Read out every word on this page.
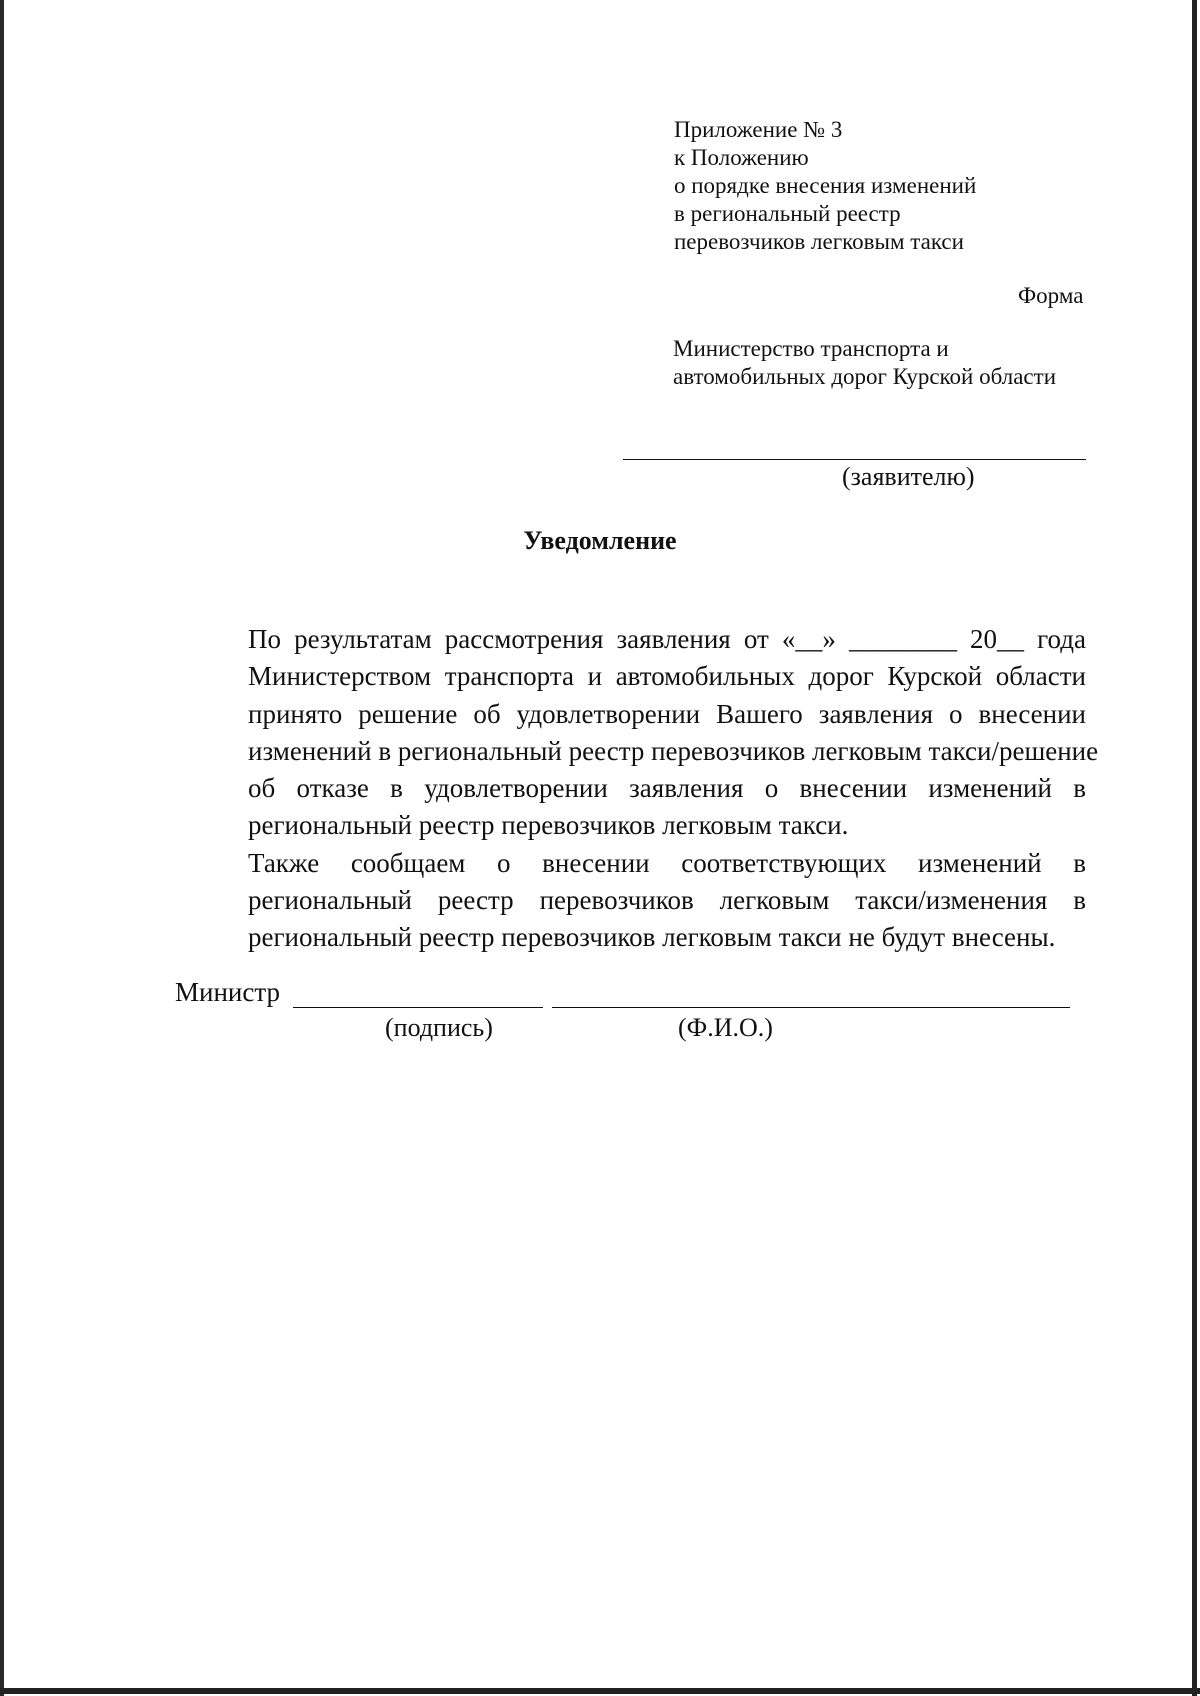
Приложение № 3
к Положению
о порядке внесения изменений
в региональный реестр
перевозчиков легковым такси
Форма
Министерство транспорта и
автомобильных дорог Курской области
(заявителю)
Уведомление
По результатам рассмотрения заявления от «__» ________ 20__ года
Министерством транспорта и автомобильных дорог Курской области
принято решение об удовлетворении Вашего заявления о внесении
изменений в региональный реестр перевозчиков легковым такси/решение
об отказе в удовлетворении заявления о внесении изменений в
региональный реестр перевозчиков легковым такси.
Также сообщаем о внесении соответствующих изменений в
региональный реестр перевозчиков легковым такси/изменения в
региональный реестр перевозчиков легковым такси не будут внесены.
Министр
(подпись)	(Ф.И.О.)
